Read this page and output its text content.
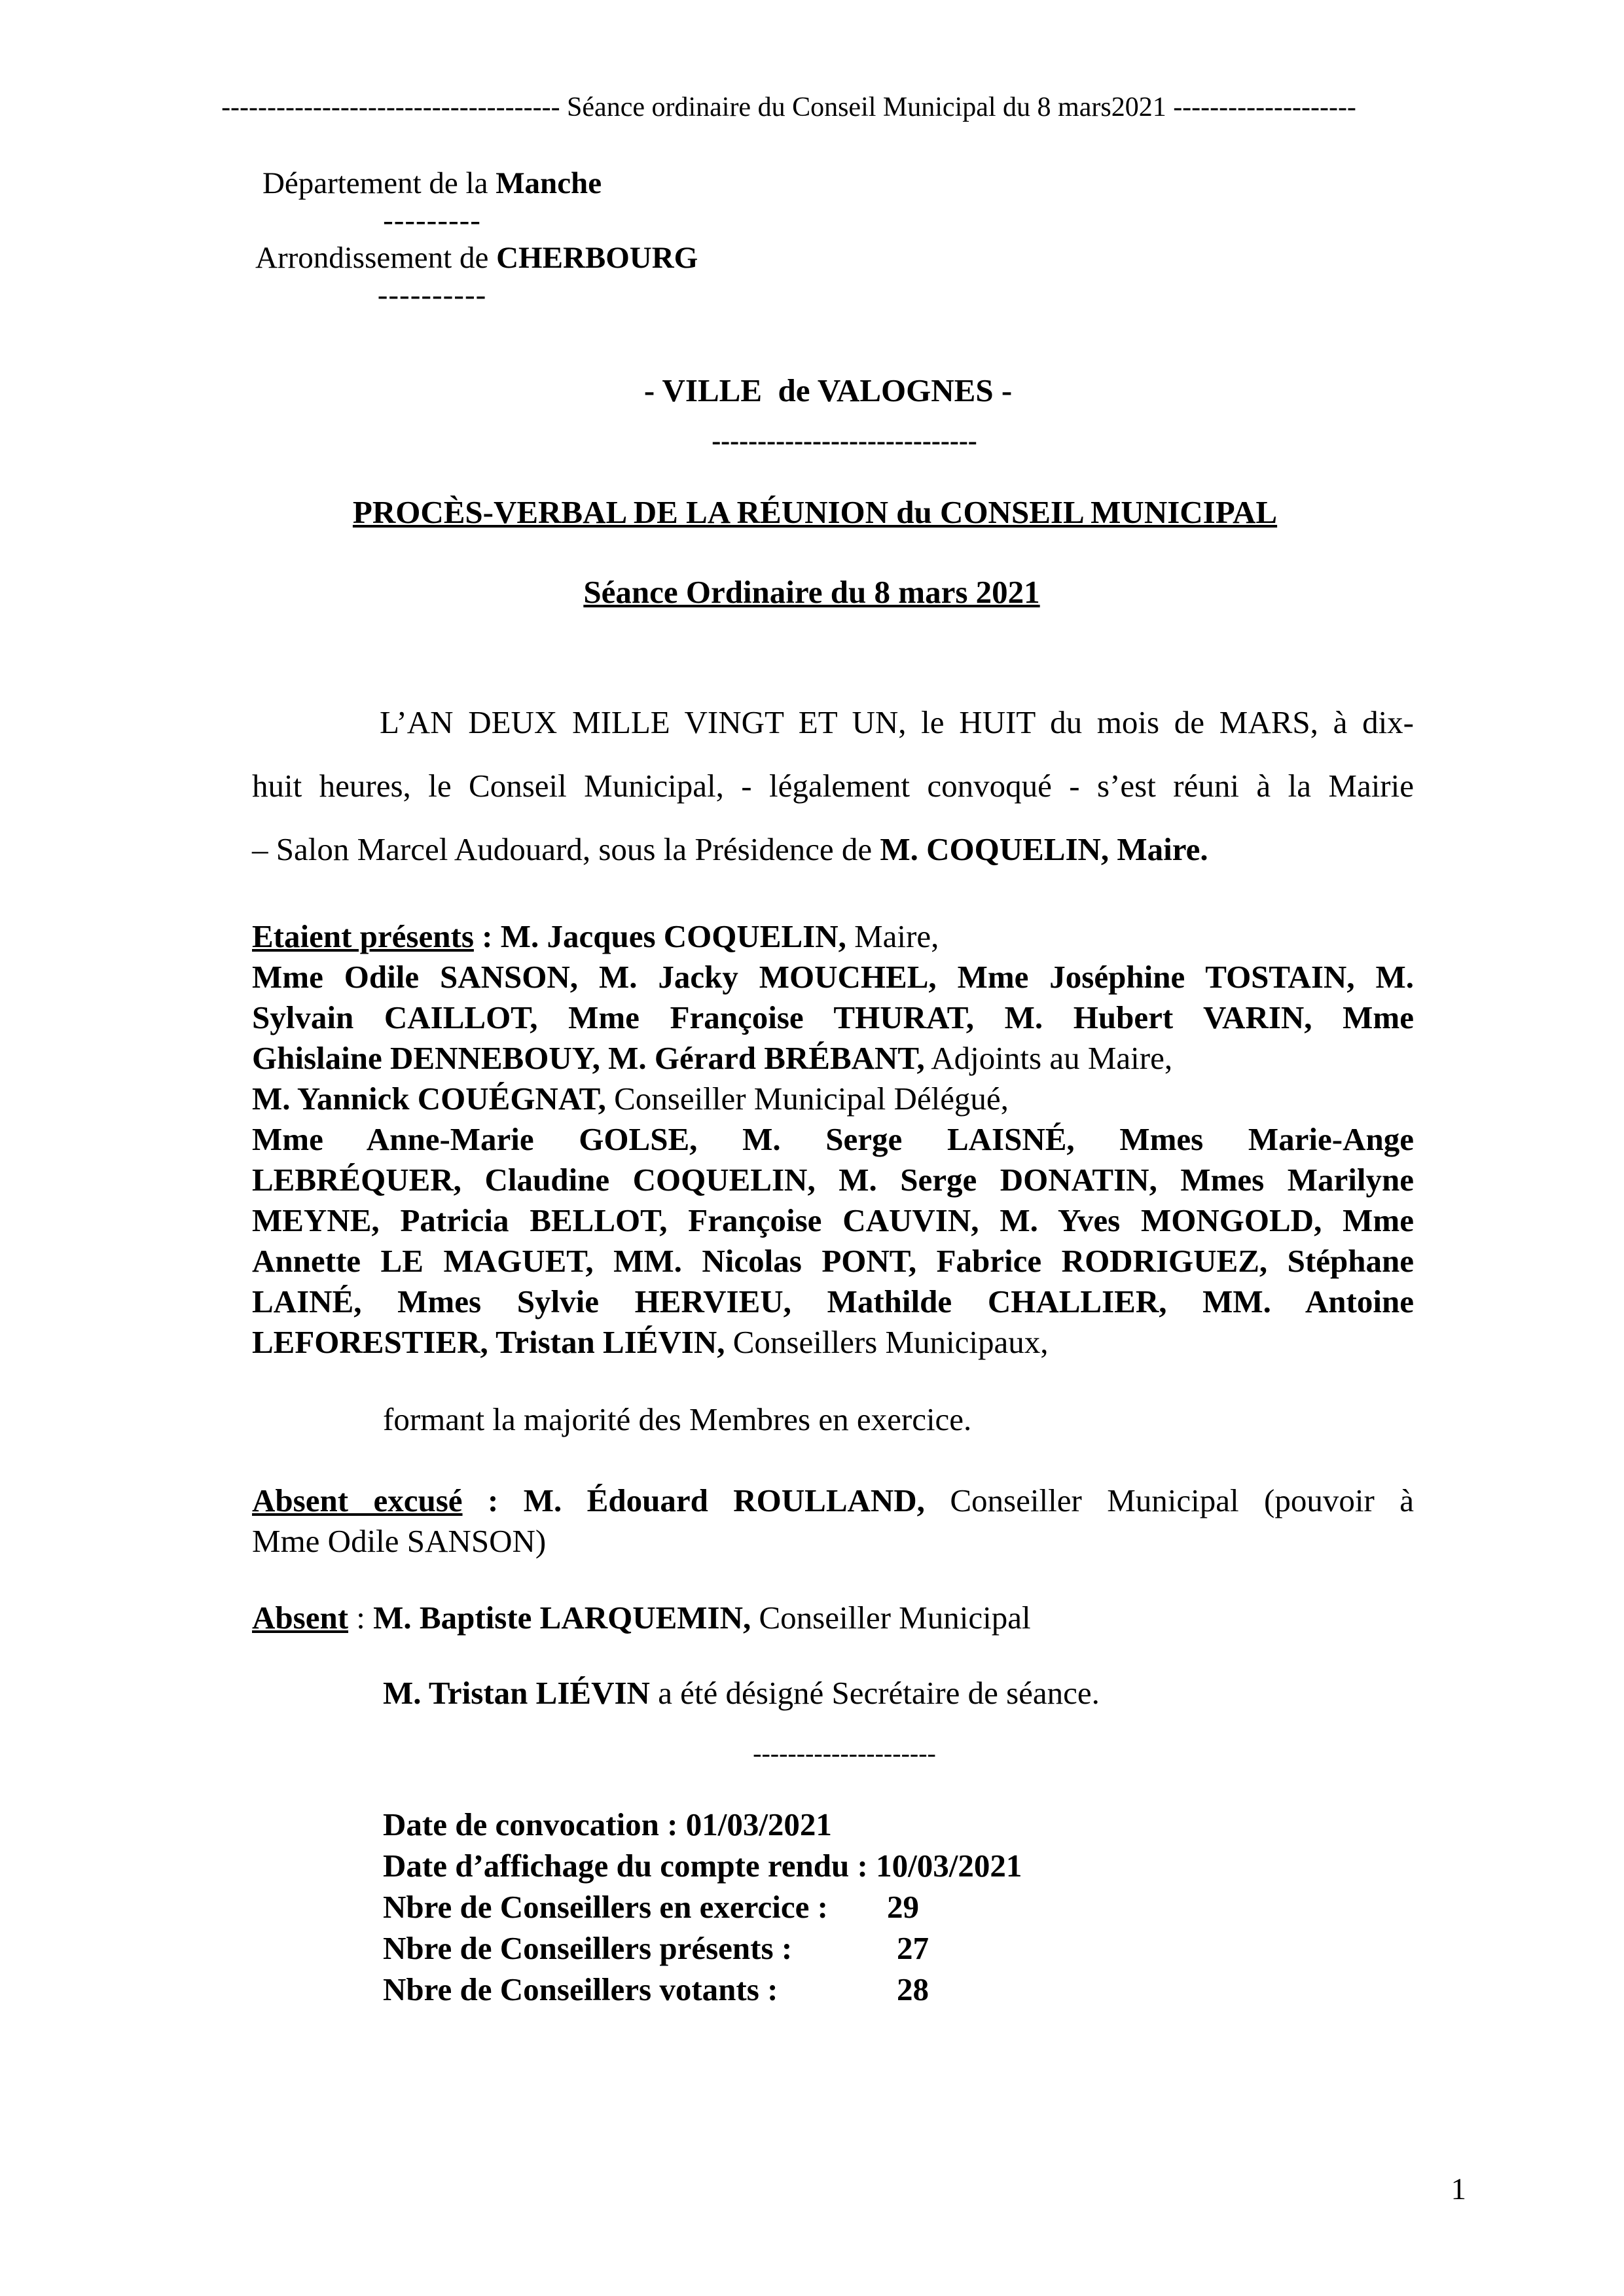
------------------------------------- Séance ordinaire du Conseil Municipal du 8 mars2021 --------------------
Département de la Manche
---------
Arrondissement de CHERBOURG
----------
- VILLE  de VALOGNES -
-----------------------------
PROCÈS-VERBAL DE LA RÉUNION du CONSEIL MUNICIPAL
Séance Ordinaire du 8 mars 2021
L’AN DEUX MILLE VINGT ET UN, le HUIT du mois de MARS, à dix-
huit heures, le Conseil Municipal, - légalement convoqué - s’est réuni à la Mairie
– Salon Marcel Audouard, sous la Présidence de M. COQUELIN, Maire.
Etaient présents : M. Jacques COQUELIN, Maire,
Mme Odile SANSON, M. Jacky MOUCHEL, Mme Joséphine TOSTAIN, M.
Sylvain CAILLOT, Mme Françoise THURAT, M. Hubert VARIN, Mme
Ghislaine DENNEBOUY, M. Gérard BRÉBANT, Adjoints au Maire,
M. Yannick COUÉGNAT, Conseiller Municipal Délégué,
Mme Anne-Marie GOLSE, M. Serge LAISNÉ, Mmes Marie-Ange
LEBRÉQUER, Claudine COQUELIN, M. Serge DONATIN, Mmes Marilyne
MEYNE, Patricia BELLOT, Françoise CAUVIN, M. Yves MONGOLD, Mme
Annette LE MAGUET, MM. Nicolas PONT, Fabrice RODRIGUEZ, Stéphane
LAINÉ, Mmes Sylvie HERVIEU, Mathilde CHALLIER, MM. Antoine
LEFORESTIER, Tristan LIÉVIN, Conseillers Municipaux,
formant la majorité des Membres en exercice.
Absent excusé : M. Édouard ROULLAND, Conseiller Municipal (pouvoir à
Mme Odile SANSON)
Absent : M. Baptiste LARQUEMIN, Conseiller Municipal
M. Tristan LIÉVIN a été désigné Secrétaire de séance.
---------------------
Date de convocation : 01/03/2021
Date d’affichage du compte rendu : 10/03/2021
Nbre de Conseillers en exercice : 29
Nbre de Conseillers présents :	27
Nbre de Conseillers votants :	28
1
